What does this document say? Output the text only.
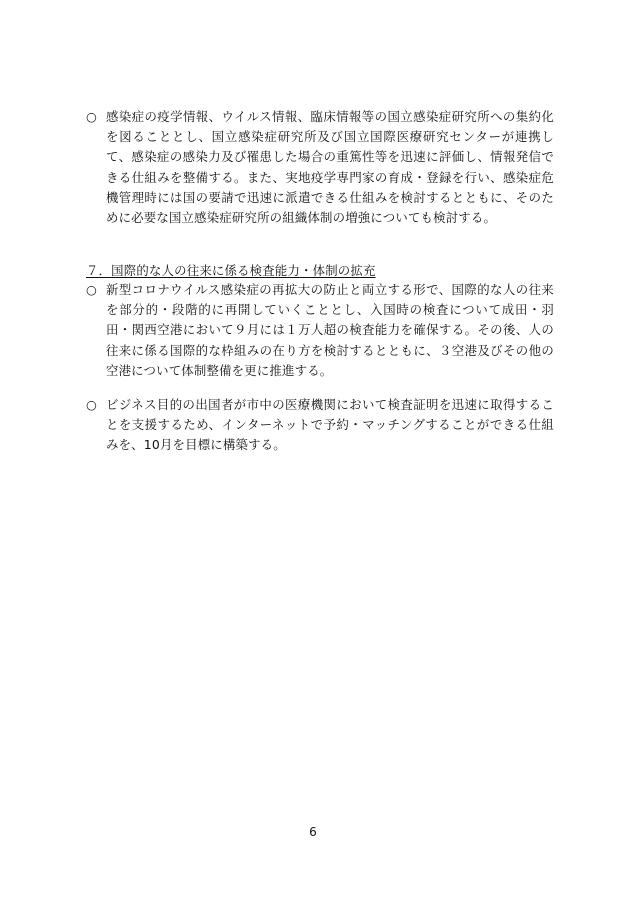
○ 感染症の疫学情報、ウイルス情報、臨床情報等の国立感染症研究所への集約化を図ることとし、国立感染症研究所及び国立国際医療研究センターが連携して、感染症の感染力及び罹患した場合の重篤性等を迅速に評価し、情報発信できる仕組みを整備する。また、実地疫学専門家の育成・登録を行い、感染症危機管理時には国の要請で迅速に派遣できる仕組みを検討するとともに、そのために必要な国立感染症研究所の組織体制の増強についても検討する。
７．国際的な人の往来に係る検査能力・体制の拡充
○ 新型コロナウイルス感染症の再拡大の防止と両立する形で、国際的な人の往来を部分的・段階的に再開していくこととし、入国時の検査について成田・羽田・関西空港において９月には１万人超の検査能力を確保する。その後、人の往来に係る国際的な枠組みの在り方を検討するとともに、３空港及びその他の空港について体制整備を更に推進する。
○ ビジネス目的の出国者が市中の医療機関において検査証明を迅速に取得することを支援するため、インターネットで予約・マッチングすることができる仕組みを、10月を目標に構築する。
6
